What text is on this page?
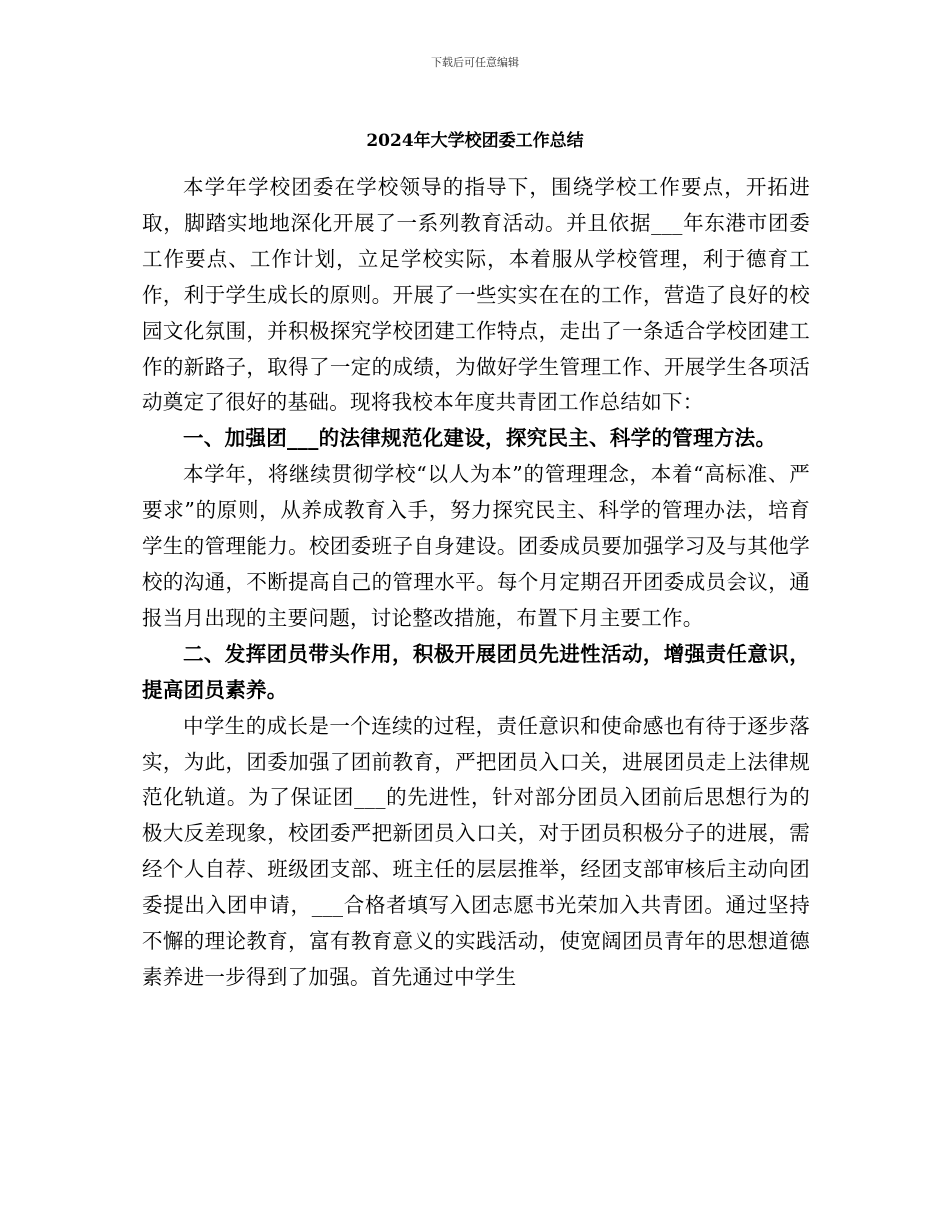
下载后可任意编辑
2024年大学校团委工作总结

本学年学校团委在学校领导的指导下，围绕学校工作要点，开拓进取，脚踏实地地深化开展了一系列教育活动。并且依据___年东港市团委工作要点、工作计划，立足学校实际，本着服从学校管理，利于德育工作，利于学生成长的原则。开展了一些实实在在的工作，营造了良好的校园文化氛围，并积极探究学校团建工作特点，走出了一条适合学校团建工作的新路子，取得了一定的成绩，为做好学生管理工作、开展学生各项活动奠定了很好的基础。现将我校本年度共青团工作总结如下：

一、加强团___的法律规范化建设，探究民主、科学的管理方法。

本学年，将继续贯彻学校“以人为本”的管理理念，本着“高标准、严要求”的原则，从养成教育入手，努力探究民主、科学的管理办法，培育学生的管理能力。校团委班子自身建设。团委成员要加强学习及与其他学校的沟通，不断提高自己的管理水平。每个月定期召开团委成员会议，通报当月出现的主要问题，讨论整改措施，布置下月主要工作。

二、发挥团员带头作用，积极开展团员先进性活动，增强责任意识，提高团员素养。

中学生的成长是一个连续的过程，责任意识和使命感也有待于逐步落实，为此，团委加强了团前教育，严把团员入口关，进展团员走上法律规范化轨道。为了保证团___的先进性，针对部分团员入团前后思想行为的极大反差现象，校团委严把新团员入口关，对于团员积极分子的进展，需经个人自荐、班级团支部、班主任的层层推举，经团支部审核后主动向团委提出入团申请，___合格者填写入团志愿书光荣加入共青团。通过坚持不懈的理论教育，富有教育意义的实践活动，使宽阔团员青年的思想道德素养进一步得到了加强。首先通过中学生
